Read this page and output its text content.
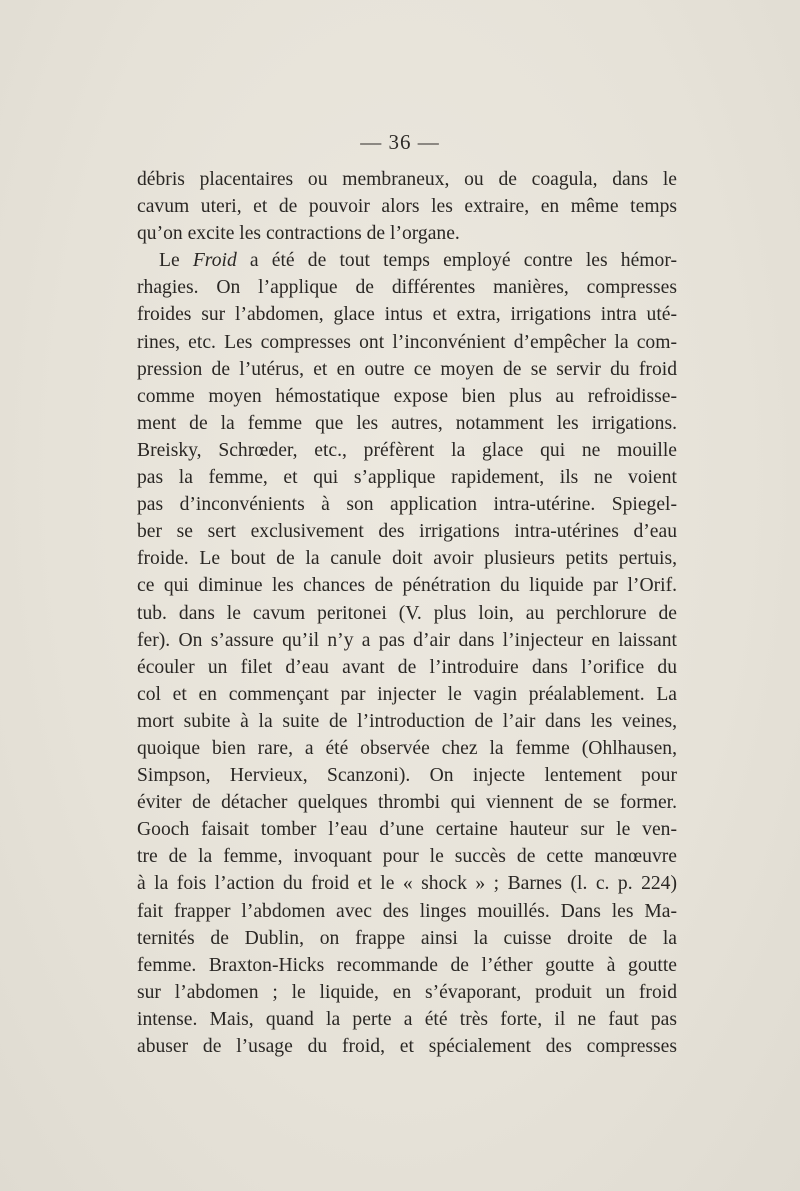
— 36 —
débris placentaires ou membraneux, ou de coagula, dans le
cavum uteri, et de pouvoir alors les extraire, en même temps
qu’on excite les contractions de l’organe.
Le Froid a été de tout temps employé contre les hémor-
rhagies. On l’applique de différentes manières, compresses
froides sur l’abdomen, glace intus et extra, irrigations intra uté-
rines, etc. Les compresses ont l’inconvénient d’empêcher la com-
pression de l’utérus, et en outre ce moyen de se servir du froid
comme moyen hémostatique expose bien plus au refroidisse-
ment de la femme que les autres, notamment les irrigations.
Breisky, Schrœder, etc., préfèrent la glace qui ne mouille
pas la femme, et qui s’applique rapidement, ils ne voient
pas d’inconvénients à son application intra-utérine. Spiegel-
ber se sert exclusivement des irrigations intra-utérines d’eau
froide. Le bout de la canule doit avoir plusieurs petits pertuis,
ce qui diminue les chances de pénétration du liquide par l’Orif.
tub. dans le cavum peritonei (V. plus loin, au perchlorure de
fer). On s’assure qu’il n’y a pas d’air dans l’injecteur en laissant
écouler un filet d’eau avant de l’introduire dans l’orifice du
col et en commençant par injecter le vagin préalablement. La
mort subite à la suite de l’introduction de l’air dans les veines,
quoique bien rare, a été observée chez la femme (Ohlhausen,
Simpson, Hervieux, Scanzoni). On injecte lentement pour
éviter de détacher quelques thrombi qui viennent de se former.
Gooch faisait tomber l’eau d’une certaine hauteur sur le ven-
tre de la femme, invoquant pour le succès de cette manœuvre
à la fois l’action du froid et le « shock » ; Barnes (l. c. p. 224)
fait frapper l’abdomen avec des linges mouillés. Dans les Ma-
ternités de Dublin, on frappe ainsi la cuisse droite de la
femme. Braxton-Hicks recommande de l’éther goutte à goutte
sur l’abdomen ; le liquide, en s’évaporant, produit un froid
intense. Mais, quand la perte a été très forte, il ne faut pas
abuser de l’usage du froid, et spécialement des compresses
